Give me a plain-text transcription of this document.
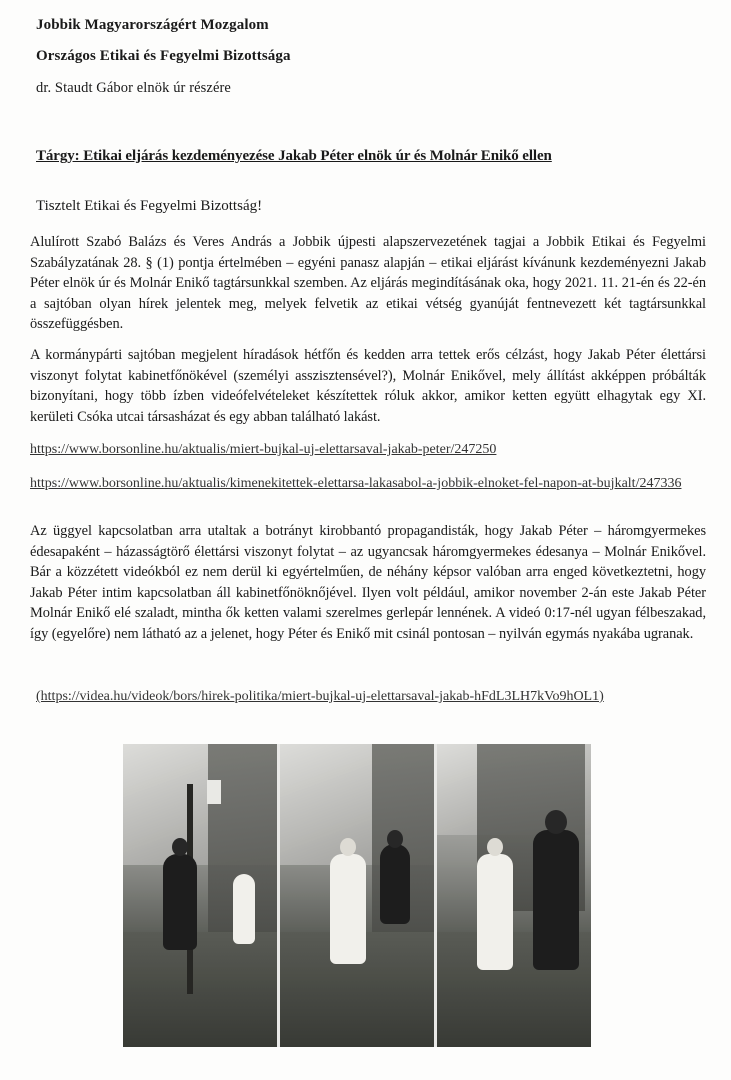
Jobbik Magyarországért Mozgalom
Országos Etikai és Fegyelmi Bizottsága
dr. Staudt Gábor elnök úr részére
Tárgy: Etikai eljárás kezdeményezése Jakab Péter elnök úr és Molnár Enikő ellen
Tisztelt Etikai és Fegyelmi Bizottság!
Alulírott Szabó Balázs és Veres András a Jobbik újpesti alapszervezetének tagjai a Jobbik Etikai és Fegyelmi Szabályzatának 28. § (1) pontja értelmében – egyéni panasz alapján – etikai eljárást kívánunk kezdeményezni Jakab Péter elnök úr és Molnár Enikő tagtársunkkal szemben. Az eljárás megindításának oka, hogy 2021. 11. 21-én és 22-én a sajtóban olyan hírek jelentek meg, melyek felvetik az etikai vétség gyanúját fentnevezett két tagtársunkkal összefüggésben.
A kormánypárti sajtóban megjelent híradások hétfőn és kedden arra tettek erős célzást, hogy Jakab Péter élettársi viszonyt folytat kabinetfőnökével (személyi asszisztensével?), Molnár Enikővel, mely állítást akképpen próbálták bizonyítani, hogy több ízben videófelvételeket készítettek róluk akkor, amikor ketten együtt elhagytak egy XI. kerületi Csóka utcai társasházat és egy abban található lakást.
https://www.borsonline.hu/aktualis/miert-bujkal-uj-elettarsaval-jakab-peter/247250
https://www.borsonline.hu/aktualis/kimenekitettek-elettarsa-lakasabol-a-jobbik-elnoket-fel-napon-at-bujkalt/247336
Az üggyel kapcsolatban arra utaltak a botrányt kirobbantó propagandisták, hogy Jakab Péter – háromgyermekes édesapaként – házasságtörő élettársi viszonyt folytat – az ugyancsak háromgyermekes édesanya – Molnár Enikővel. Bár a közzétett videókból ez nem derül ki egyértelműen, de néhány képsor valóban arra enged következtetni, hogy Jakab Péter intim kapcsolatban áll kabinetfőnöknőjével. Ilyen volt például, amikor november 2-án este Jakab Péter Molnár Enikő elé szaladt, mintha ők ketten valami szerelmes gerlepár lennének. A videó 0:17-nél ugyan félbeszakad, így (egyelőre) nem látható az a jelenet, hogy Péter és Enikő mit csinál pontosan – nyilván egymás nyakába ugranak.
(https://videa.hu/videok/bors/hirek-politika/miert-bujkal-uj-elettarsaval-jakab-hFdL3LH7kVo9hOL1)
